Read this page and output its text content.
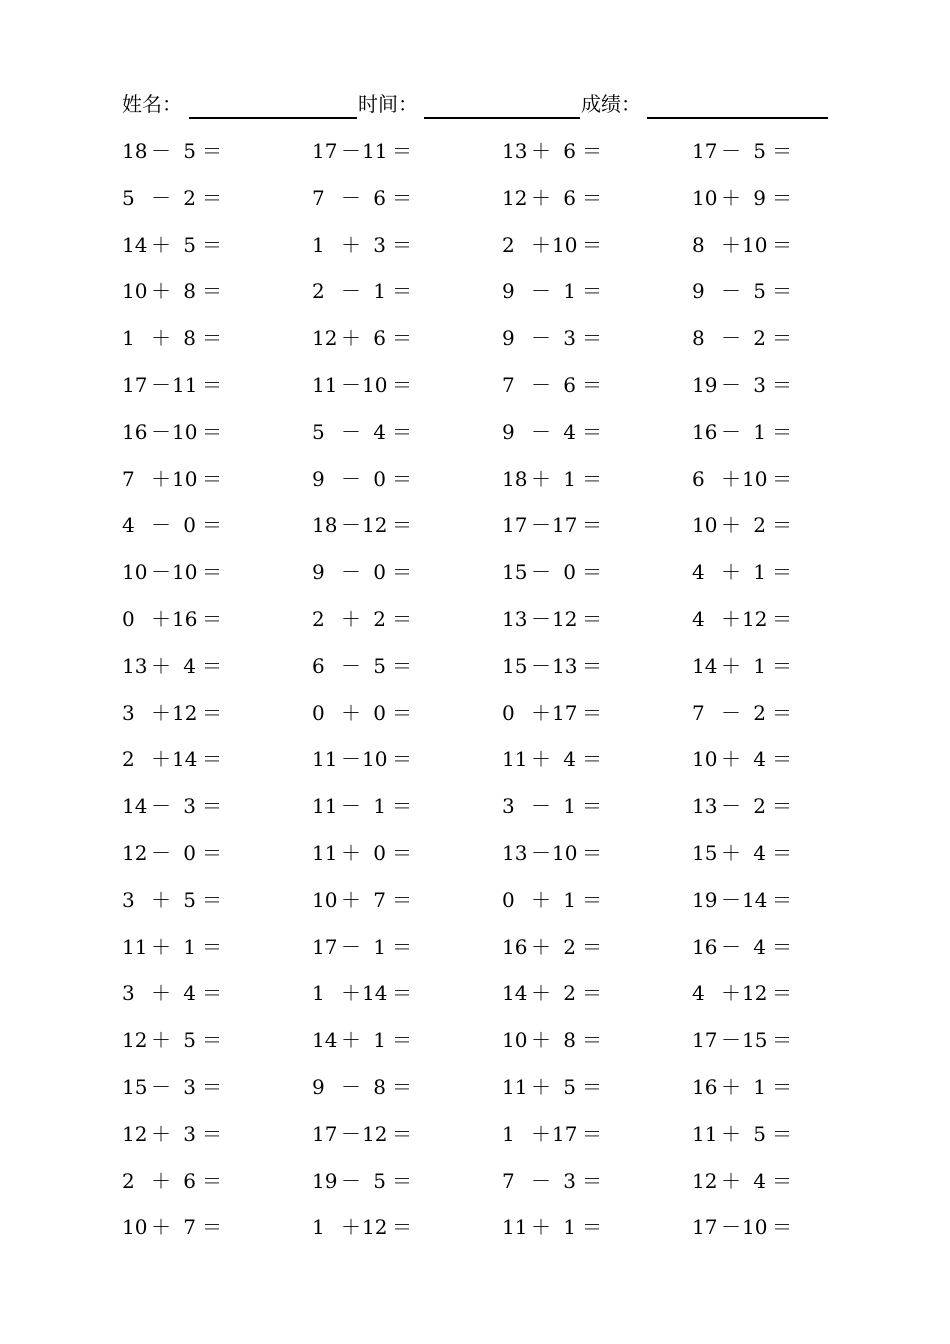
姓名：	时间：	成绩：
18 － 5 ＝	17 － 11 ＝	13 ＋ 6 ＝	17 － 5 ＝
5 － 2 ＝	7 － 6 ＝	12 ＋ 6 ＝	10 ＋ 9 ＝
14 ＋ 5 ＝	1 ＋ 3 ＝	2 ＋ 10 ＝	8 ＋ 10 ＝
10 ＋ 8 ＝	2 － 1 ＝	9 － 1 ＝	9 － 5 ＝
1 ＋ 8 ＝	12 ＋ 6 ＝	9 － 3 ＝	8 － 2 ＝
17 － 11 ＝	11 － 10 ＝	7 － 6 ＝	19 － 3 ＝
16 － 10 ＝	5 － 4 ＝	9 － 4 ＝	16 － 1 ＝
7 ＋ 10 ＝	9 － 0 ＝	18 ＋ 1 ＝	6 ＋ 10 ＝
4 － 0 ＝	18 － 12 ＝	17 － 17 ＝	10 ＋ 2 ＝
10 － 10 ＝	9 － 0 ＝	15 － 0 ＝	4 ＋ 1 ＝
0 ＋ 16 ＝	2 ＋ 2 ＝	13 － 12 ＝	4 ＋ 12 ＝
13 ＋ 4 ＝	6 － 5 ＝	15 － 13 ＝	14 ＋ 1 ＝
3 ＋ 12 ＝	0 ＋ 0 ＝	0 ＋ 17 ＝	7 － 2 ＝
2 ＋ 14 ＝	11 － 10 ＝	11 ＋ 4 ＝	10 ＋ 4 ＝
14 － 3 ＝	11 － 1 ＝	3 － 1 ＝	13 － 2 ＝
12 － 0 ＝	11 ＋ 0 ＝	13 － 10 ＝	15 ＋ 4 ＝
3 ＋ 5 ＝	10 ＋ 7 ＝	0 ＋ 1 ＝	19 － 14 ＝
11 ＋ 1 ＝	17 － 1 ＝	16 ＋ 2 ＝	16 － 4 ＝
3 ＋ 4 ＝	1 ＋ 14 ＝	14 ＋ 2 ＝	4 ＋ 12 ＝
12 ＋ 5 ＝	14 ＋ 1 ＝	10 ＋ 8 ＝	17 － 15 ＝
15 － 3 ＝	9 － 8 ＝	11 ＋ 5 ＝	16 ＋ 1 ＝
12 ＋ 3 ＝	17 － 12 ＝	1 ＋ 17 ＝	11 ＋ 5 ＝
2 ＋ 6 ＝	19 － 5 ＝	7 － 3 ＝	12 ＋ 4 ＝
10 ＋ 7 ＝	1 ＋ 12 ＝	11 ＋ 1 ＝	17 － 10 ＝
